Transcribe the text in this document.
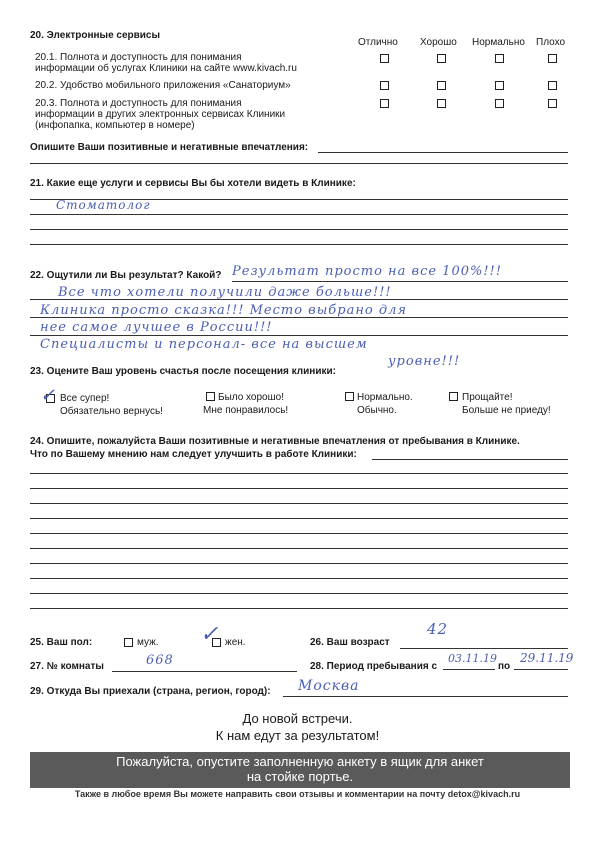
20. Электронные сервисы
Отлично Хорошо Нормально Плохо
20.1. Полнота и доступность для понимания
информации об услугах Клиники на сайте www.kivach.ru
20.2. Удобство мобильного приложения «Санаториум»
20.3. Полнота и доступность для понимания
информации в других электронных сервисах Клиники
(инфопапка, компьютер в номере)
Опишите Ваши позитивные и негативные впечатления:
21. Какие еще услуги и сервисы Вы бы хотели видеть в Клинике:
Стоматолог
22. Ощутили ли Вы результат? Какой? Результат просто на все 100%!!!
Все что хотели получили даже больше!!!
Клиника просто сказка!!! Место выбрано для
нее самое лучшее в России!!!
Специалисты и персонал- все на высшем
уровне!!!
23. Оцените Ваш уровень счастья после посещения клиники:
✓ Все супер!
Обязательно вернусь!
Было хорошо!
Мне понравилось!
Нормально.
Обычно.
Прощайте!
Больше не приеду!
24. Опишите, пожалуйста Ваши позитивные и негативные впечатления от пребывания в Клинике.
Что по Вашему мнению нам следует улучшить в работе Клиники:
25. Ваш пол:	муж. ✓ жен.	26. Ваш возраст
42
27. № комнаты	668	28. Период пребывания с
03.11.19
по
29.11.19
29. Откуда Вы приехали (страна, регион, город): Москва
До новой встречи.
К нам едут за результатом!
Пожалуйста, опустите заполненную анкету в ящик для анкет
на стойке портье.
Также в любое время Вы можете направить свои отзывы и комментарии на почту detox@kivach.ru
